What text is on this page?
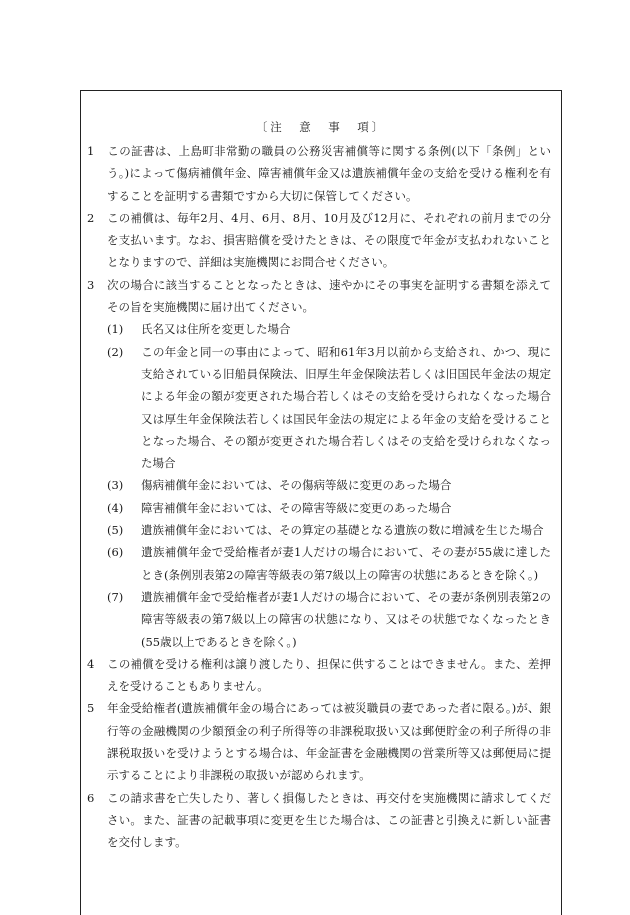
〔注　意　事　項〕
1 この証書は、上島町非常勤の職員の公務災害補償等に関する条例(以下「条例」という。)によって傷病補償年金、障害補償年金又は遺族補償年金の支給を受ける権利を有することを証明する書類ですから大切に保管してください。
2 この補償は、毎年2月、4月、6月、8月、10月及び12月に、それぞれの前月までの分を支払います。なお、損害賠償を受けたときは、その限度で年金が支払われないこととなりますので、詳細は実施機関にお問合せください。
3 次の場合に該当することとなったときは、速やかにその事実を証明する書類を添えてその旨を実施機関に届け出てください。
(1) 氏名又は住所を変更した場合
(2) この年金と同一の事由によって、昭和61年3月以前から支給され、かつ、現に支給されている旧船員保険法、旧厚生年金保険法若しくは旧国民年金法の規定による年金の額が変更された場合若しくはその支給を受けられなくなった場合又は厚生年金保険法若しくは国民年金法の規定による年金の支給を受けることとなった場合、その額が変更された場合若しくはその支給を受けられなくなった場合
(3) 傷病補償年金においては、その傷病等級に変更のあった場合
(4) 障害補償年金においては、その障害等級に変更のあった場合
(5) 遺族補償年金においては、その算定の基礎となる遺族の数に増減を生じた場合
(6) 遺族補償年金で受給権者が妻1人だけの場合において、その妻が55歳に達したとき(条例別表第2の障害等級表の第7級以上の障害の状態にあるときを除く。)
(7) 遺族補償年金で受給権者が妻1人だけの場合において、その妻が条例別表第2の障害等級表の第7級以上の障害の状態になり、又はその状態でなくなったとき(55歳以上であるときを除く。)
4 この補償を受ける権利は譲り渡したり、担保に供することはできません。また、差押えを受けることもありません。
5 年金受給権者(遺族補償年金の場合にあっては被災職員の妻であった者に限る。)が、銀行等の金融機関の少額預金の利子所得等の非課税取扱い又は郵便貯金の利子所得の非課税取扱いを受けようとする場合は、年金証書を金融機関の営業所等又は郵便局に提示することにより非課税の取扱いが認められます。
6 この請求書を亡失したり、著しく損傷したときは、再交付を実施機関に請求してください。また、証書の記載事項に変更を生じた場合は、この証書と引換えに新しい証書を交付します。
